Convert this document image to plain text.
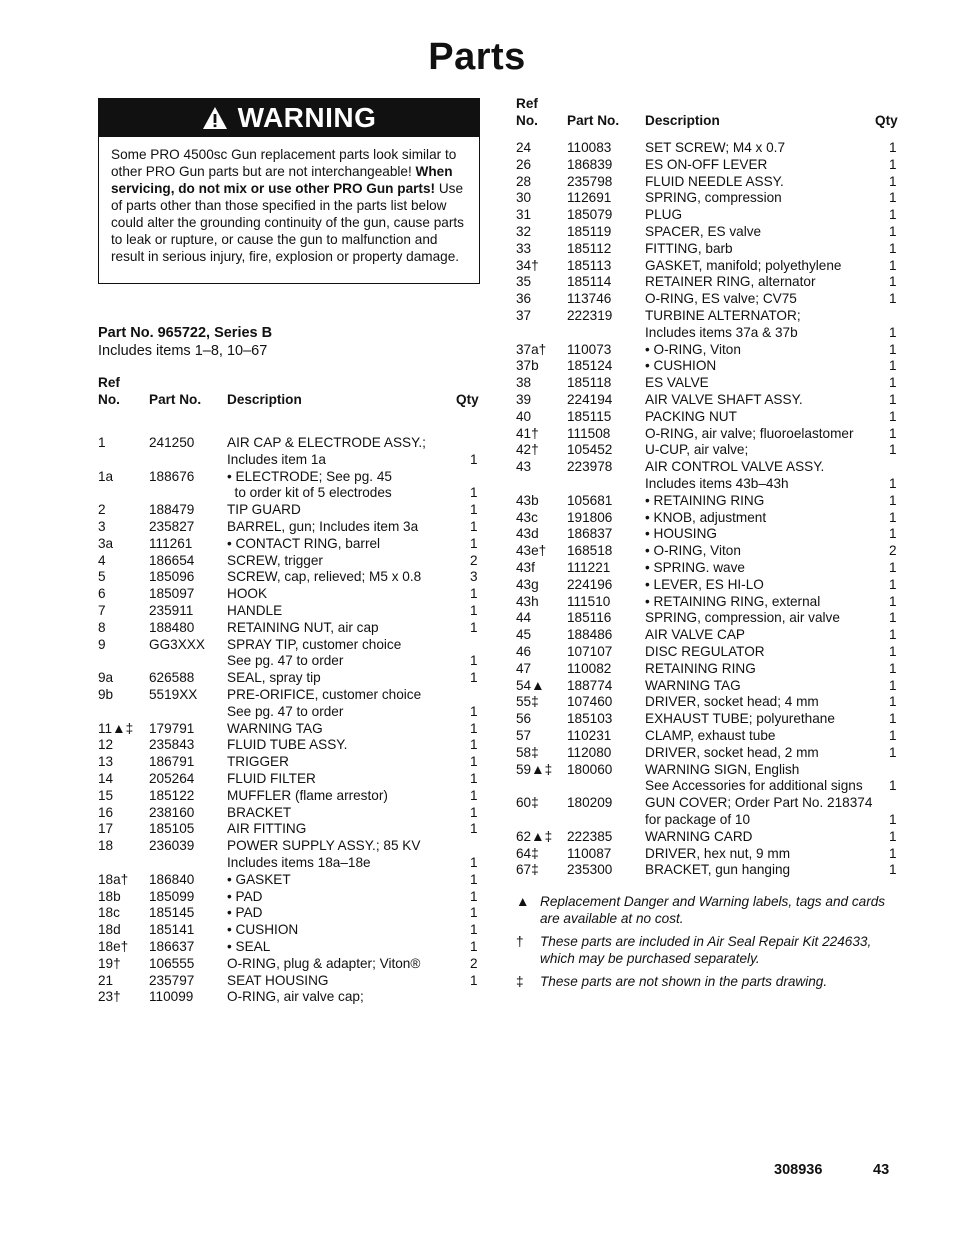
Parts
WARNING
Some PRO 4500sc Gun replacement parts look similar to other PRO Gun parts but are not interchangeable! When servicing, do not mix or use other PRO Gun parts! Use of parts other than those specified in the parts list below could alter the grounding continuity of the gun, cause parts to leak or rupture, or cause the gun to malfunction and result in serious injury, fire, explosion or property damage.
Part No. 965722, Series B
Includes items 1–8, 10–67
Ref
No. Part No. Description	Qty
1	241250 AIR CAP & ELECTRODE ASSY.;
Includes item 1a	1
1a	188676 • ELECTRODE; See pg. 45
to order kit of 5 electrodes	1
2	188479 TIP GUARD	1
3	235827 BARREL, gun; Includes item 3a	1
3a	111261	• CONTACT RING, barrel	1
4	186654 SCREW, trigger	2
5	185096 SCREW, cap, relieved; M5 x 0.8	3
6	185097 HOOK	1
7	235911 HANDLE	1
8	188480 RETAINING NUT, air cap	1
9	GG3XXX SPRAY TIP, customer choice
See pg. 47 to order	1
9a	626588 SEAL, spray tip	1
9b	5519XX PRE-ORIFICE, customer choice
See pg. 47 to order	1
11▲‡ 179791 WARNING TAG	1
12	235843 FLUID TUBE ASSY.	1
13	186791 TRIGGER	1
14	205264 FLUID FILTER	1
15	185122 MUFFLER (flame arrestor)	1
16	238160 BRACKET	1
17	185105 AIR FITTING	1
18	236039 POWER SUPPLY ASSY.; 85 KV
Includes items 18a–18e	1
18a† 186840 • GASKET	1
18b 185099 • PAD	1
18c 185145 • PAD	1
18d 185141 • CUSHION	1
18e† 186637 • SEAL	1
19† 106555 O-RING, plug & adapter; Viton®	2
21	235797 SEAT HOUSING	1
23† 110099 O-RING, air valve cap;
Ref
No. Part No. Description	Qty
24	110083 SET SCREW; M4 x 0.7	1
26	186839 ES ON-OFF LEVER	1
28	235798 FLUID NEEDLE ASSY.	1
30	112691 SPRING, compression	1
31	185079 PLUG	1
32	185119 SPACER, ES valve	1
33	185112 FITTING, barb	1
34† 185113 GASKET, manifold; polyethylene	1
35	185114 RETAINER RING, alternator	1
36	113746 O-RING, ES valve; CV75	1
37	222319 TURBINE ALTERNATOR;
Includes items 37a & 37b	1
37a† 110073 • O-RING, Viton	1
37b 185124 • CUSHION	1
38	185118 ES VALVE	1
39	224194 AIR VALVE SHAFT ASSY.	1
40	185115 PACKING NUT	1
41† 111508	O-RING, air valve; fluoroelastomer	1
42† 105452 U-CUP, air valve;	1
43	223978 AIR CONTROL VALVE ASSY.
Includes items 43b–43h	1
43b 105681 • RETAINING RING	1
43c 191806 • KNOB, adjustment	1
43d 186837 • HOUSING	1
43e† 168518 • O-RING, Viton	2
43f 111221	• SPRING. wave	1
43g 224196 • LEVER, ES HI-LO	1
43h 111510	• RETAINING RING, external	1
44	185116 SPRING, compression, air valve	1
45	188486 AIR VALVE CAP	1
46	107107 DISC REGULATOR	1
47	110082 RETAINING RING	1
54▲ 188774 WARNING TAG	1
55‡ 107460 DRIVER, socket head; 4 mm	1
56	185103 EXHAUST TUBE; polyurethane	1
57	110231 CLAMP, exhaust tube	1
58‡ 112080 DRIVER, socket head, 2 mm	1
59▲‡ 180060 WARNING SIGN, English
See Accessories for additional signs 1
60‡ 180209 GUN COVER; Order Part No. 218374
for package of 10	1
62▲‡ 222385 WARNING CARD	1
64‡ 110087 DRIVER, hex nut, 9 mm	1
67‡ 235300 BRACKET, gun hanging	1
▲ Replacement Danger and Warning labels, tags and cards are available at no cost.
† These parts are included in Air Seal Repair Kit 224633, which may be purchased separately.
‡ These parts are not shown in the parts drawing.
308936	43
